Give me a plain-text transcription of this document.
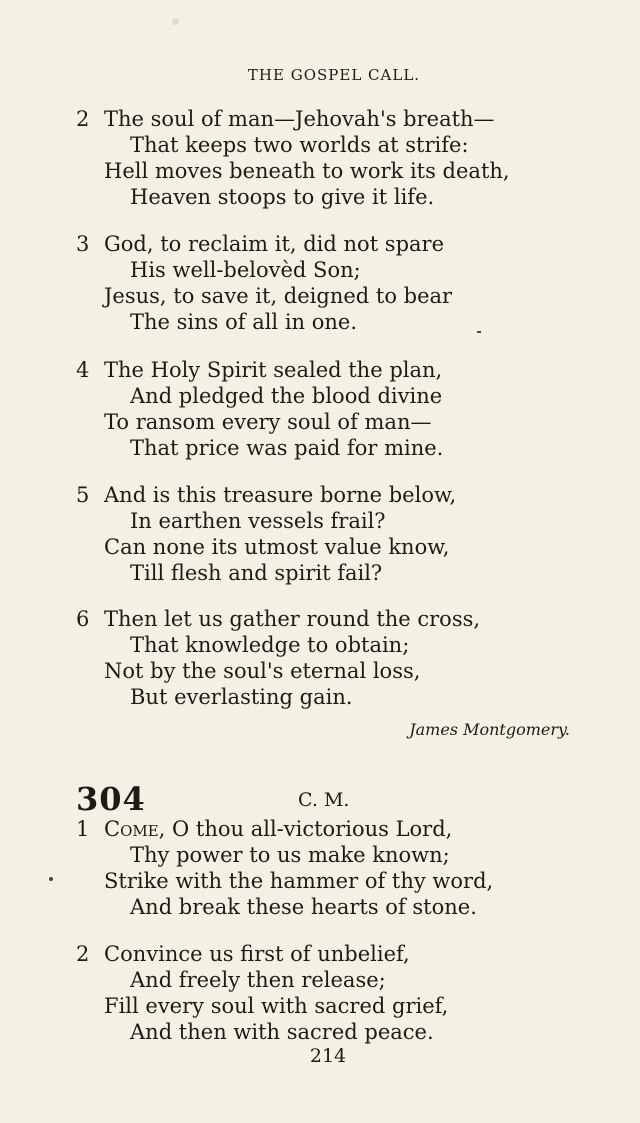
THE GOSPEL CALL.
2 The soul of man—Jehovah's breath—
That keeps two worlds at strife:
Hell moves beneath to work its death,
Heaven stoops to give it life.
3 God, to reclaim it, did not spare
His well-belovèd Son;
Jesus, to save it, deigned to bear
The sins of all in one.
4 The Holy Spirit sealed the plan,
And pledged the blood divine
To ransom every soul of man—
That price was paid for mine.
5 And is this treasure borne below,
In earthen vessels frail?
Can none its utmost value know,
Till flesh and spirit fail?
6 Then let us gather round the cross,
That knowledge to obtain;
Not by the soul's eternal loss,
But everlasting gain.
James Montgomery.
304	C. M.
1 Come, O thou all-victorious Lord,
Thy power to us make known;
Strike with the hammer of thy word,
And break these hearts of stone.
2 Convince us first of unbelief,
And freely then release;
Fill every soul with sacred grief,
And then with sacred peace.
214
